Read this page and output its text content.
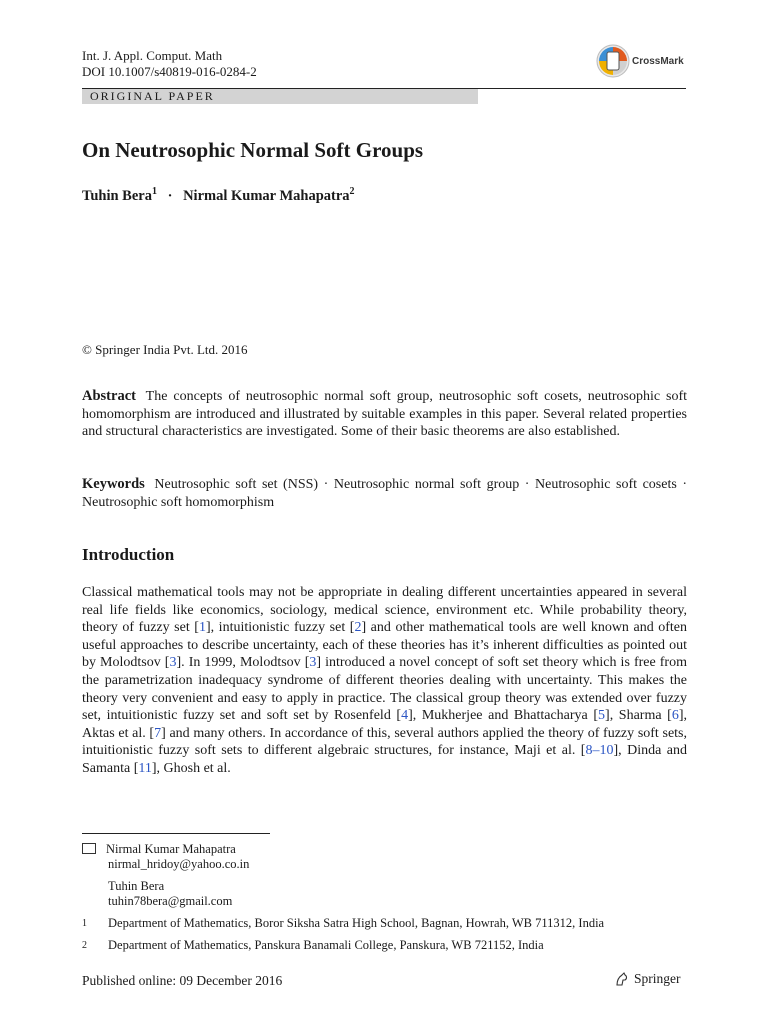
Int. J. Appl. Comput. Math
DOI 10.1007/s40819-016-0284-2
CrossMark
ORIGINAL PAPER
On Neutrosophic Normal Soft Groups
Tuhin Bera$^1$ · Nirmal Kumar Mahapatra$^2$
© Springer India Pvt. Ltd. 2016
Abstract The concepts of neutrosophic normal soft group, neutrosophic soft cosets, neutrosophic soft homomorphism are introduced and illustrated by suitable examples in this paper. Several related properties and structural characteristics are investigated. Some of their basic theorems are also established.
Keywords Neutrosophic soft set (NSS) · Neutrosophic normal soft group · Neutrosophic soft cosets · Neutrosophic soft homomorphism
Introduction
Classical mathematical tools may not be appropriate in dealing different uncertainties appeared in several real life fields like economics, sociology, medical science, environment etc. While probability theory, theory of fuzzy set [1], intuitionistic fuzzy set [2] and other mathematical tools are well known and often useful approaches to describe uncertainty, each of these theories has it’s inherent difficulties as pointed out by Molodtsov [3]. In 1999, Molodtsov [3] introduced a novel concept of soft set theory which is free from the parametrization inadequacy syndrome of different theories dealing with uncertainty. This makes the theory very convenient and easy to apply in practice. The classical group theory was extended over fuzzy set, intuitionistic fuzzy set and soft set by Rosenfeld [4], Mukherjee and Bhattacharya [5], Sharma [6], Aktas et al. [7] and many others. In accordance of this, several authors applied the theory of fuzzy soft sets, intuitionistic fuzzy soft sets to different algebraic structures, for instance, Maji et al. [8–10], Dinda and Samanta [11], Ghosh et al.
Nirmal Kumar Mahapatra
nirmal_hridoy@yahoo.co.in
Tuhin Bera
tuhin78bera@gmail.com
1 Department of Mathematics, Boror Siksha Satra High School, Bagnan, Howrah, WB 711312, India
2 Department of Mathematics, Panskura Banamali College, Panskura, WB 721152, India
Published online: 09 December 2016	Springer
